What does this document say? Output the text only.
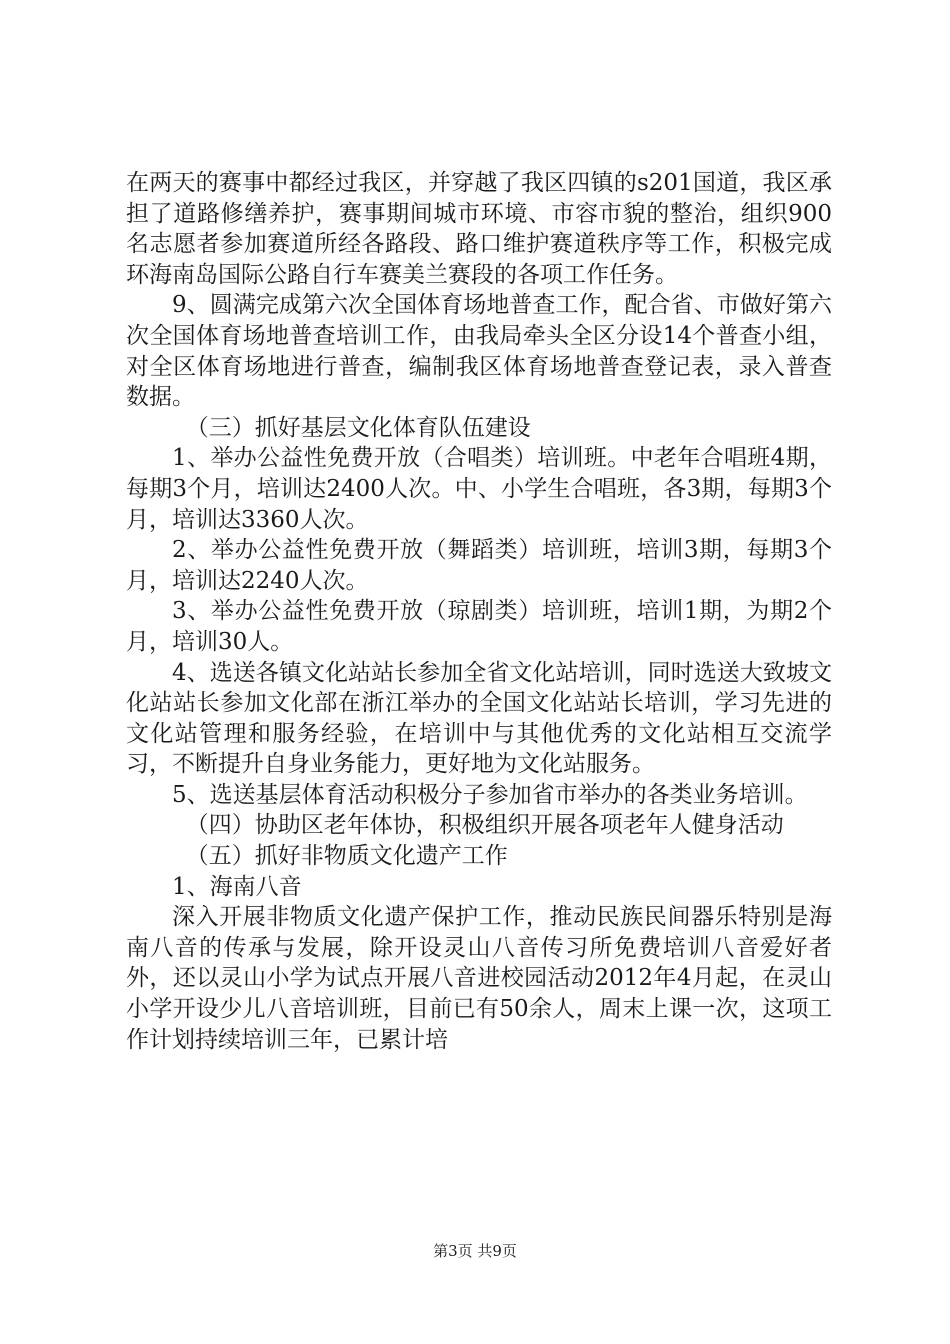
在两天的赛事中都经过我区，并穿越了我区四镇的s201国道，我区承担了道路修缮养护，赛事期间城市环境、市容市貌的整治，组织900名志愿者参加赛道所经各路段、路口维护赛道秩序等工作，积极完成环海南岛国际公路自行车赛美兰赛段的各项工作任务。

9、圆满完成第六次全国体育场地普查工作，配合省、市做好第六次全国体育场地普查培训工作，由我局牵头全区分设14个普查小组，对全区体育场地进行普查，编制我区体育场地普查登记表，录入普查数据。

（三）抓好基层文化体育队伍建设

1、举办公益性免费开放（合唱类）培训班。中老年合唱班4期，每期3个月，培训达2400人次。中、小学生合唱班，各3期，每期3个月，培训达3360人次。

2、举办公益性免费开放（舞蹈类）培训班，培训3期，每期3个月，培训达2240人次。

3、举办公益性免费开放（琼剧类）培训班，培训1期，为期2个月，培训30人。

4、选送各镇文化站站长参加全省文化站培训，同时选送大致坡文化站站长参加文化部在浙江举办的全国文化站站长培训，学习先进的文化站管理和服务经验，在培训中与其他优秀的文化站相互交流学习，不断提升自身业务能力，更好地为文化站服务。

5、选送基层体育活动积极分子参加省市举办的各类业务培训。

（四）协助区老年体协，积极组织开展各项老年人健身活动

（五）抓好非物质文化遗产工作

1、海南八音

深入开展非物质文化遗产保护工作，推动民族民间器乐特别是海南八音的传承与发展，除开设灵山八音传习所免费培训八音爱好者外，还以灵山小学为试点开展八音进校园活动2012年4月起，在灵山小学开设少儿八音培训班，目前已有50余人，周末上课一次，这项工作计划持续培训三年，已累计培

第3页 共9页
